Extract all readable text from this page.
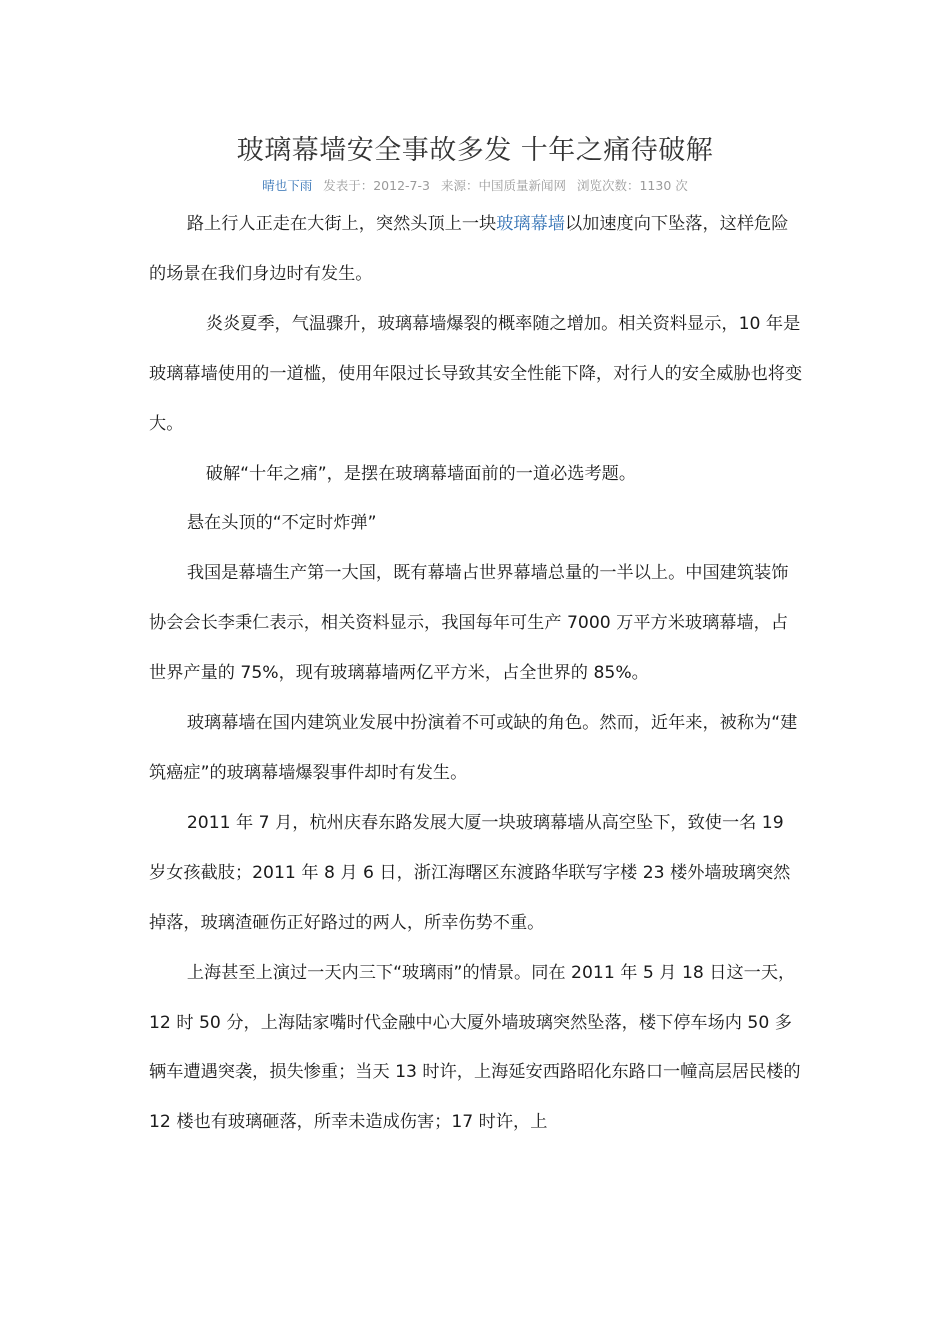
玻璃幕墙安全事故多发 十年之痛待破解
晴也下雨 发表于：2012-7-3 来源：中国质量新闻网 浏览次数：1130 次

路上行人正走在大街上，突然头顶上一块玻璃幕墙以加速度向下坠落，这样危险的场景在我们身边时有发生。

炎炎夏季，气温骤升，玻璃幕墙爆裂的概率随之增加。相关资料显示，10 年是玻璃幕墙使用的一道槛，使用年限过长导致其安全性能下降，对行人的安全威胁也将变大。

破解“十年之痛”，是摆在玻璃幕墙面前的一道必选考题。

悬在头顶的“不定时炸弹”

我国是幕墙生产第一大国，既有幕墙占世界幕墙总量的一半以上。中国建筑装饰协会会长李秉仁表示，相关资料显示，我国每年可生产 7000 万平方米玻璃幕墙，占世界产量的 75%，现有玻璃幕墙两亿平方米，占全世界的 85%。

玻璃幕墙在国内建筑业发展中扮演着不可或缺的角色。然而，近年来，被称为“建筑癌症”的玻璃幕墙爆裂事件却时有发生。

2011 年 7 月，杭州庆春东路发展大厦一块玻璃幕墙从高空坠下，致使一名 19 岁女孩截肢；2011 年 8 月 6 日，浙江海曙区东渡路华联写字楼 23 楼外墙玻璃突然掉落，玻璃渣砸伤正好路过的两人，所幸伤势不重。

上海甚至上演过一天内三下“玻璃雨”的情景。同在 2011 年 5 月 18 日这一天，12 时 50 分，上海陆家嘴时代金融中心大厦外墙玻璃突然坠落，楼下停车场内 50 多辆车遭遇突袭，损失惨重；当天 13 时许，上海延安西路昭化东路口一幢高层居民楼的 12 楼也有玻璃砸落，所幸未造成伤害；17 时许，上
